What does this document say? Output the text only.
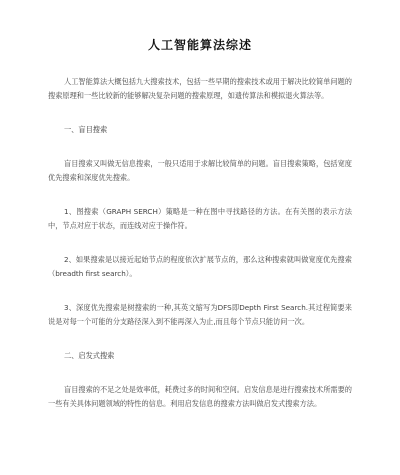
人工智能算法综述

人工智能算法大概包括九大搜索技术，包括一些早期的搜索技术或用于解决比较简单问题的搜索原理和一些比较新的能够解决复杂问题的搜索原理，如遗传算法和模拟退火算法等。

一、盲目搜索

盲目搜索又叫做无信息搜索，一般只适用于求解比较简单的问题。盲目搜索策略，包括宽度优先搜索和深度优先搜索。

1、图搜索（GRAPH SERCH）策略是一种在图中寻找路径的方法。在有关图的表示方法中，节点对应于状态，而连线对应于操作符。

2、如果搜索是以接近起始节点的程度依次扩展节点的，那么这种搜索就叫做宽度优先搜索（breadth first search）。

3、深度优先搜索是树搜索的一种,其英文缩写为DFS即Depth First Search.其过程简要来说是对每一个可能的分支路径深入到不能再深入为止,而且每个节点只能访问一次。

二、启发式搜索

盲目搜索的不足之处是效率低，耗费过多的时间和空间。启发信息是进行搜索技术所需要的一些有关具体问题领域的特性的信息。利用启发信息的搜索方法叫做启发式搜索方法。
